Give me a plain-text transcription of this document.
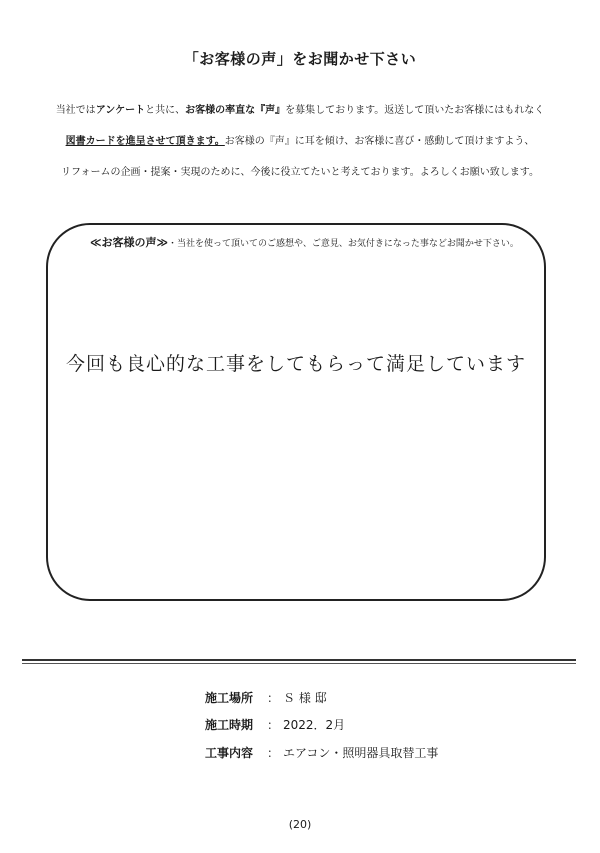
「お客様の声」をお聞かせ下さい
当社ではアンケートと共に、お客様の率直な『声』を募集しております。返送して頂いたお客様にはもれなく
図書カードを進呈させて頂きます。お客様の『声』に耳を傾け、お客様に喜び・感動して頂けますよう、
リフォームの企画・提案・実現のために、今後に役立てたいと考えております。よろしくお願い致します。
≪お客様の声≫・当社を使って頂いてのご感想や、ご意見、お気付きになった事などお聞かせ下さい。
今回も良心的な工事をしてもらって満足しています
施工場所 ： Ｓ 様 邸
施工時期 ： 2022．2月
工事内容 ： エアコン・照明器具取替工事
(20)
